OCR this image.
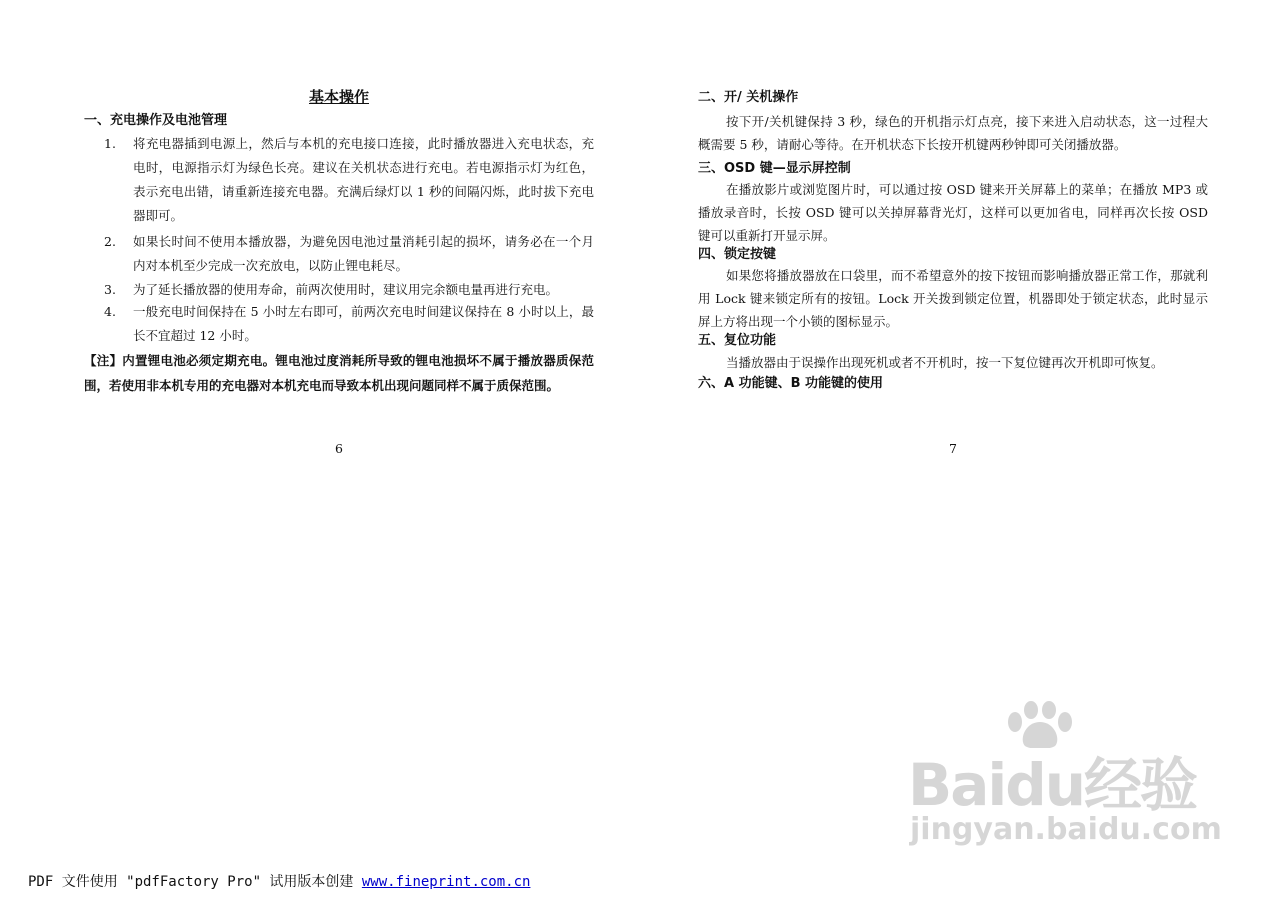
基本操作
一、充电操作及电池管理
1. 将充电器插到电源上，然后与本机的充电接口连接，此时播放器进入充电状态，充电时，电源指示灯为绿色长亮。建议在关机状态进行充电。若电源指示灯为红色，表示充电出错，请重新连接充电器。充满后绿灯以 1 秒的间隔闪烁，此时拔下充电器即可。
2. 如果长时间不使用本播放器，为避免因电池过量消耗引起的损坏，请务必在一个月内对本机至少完成一次充放电，以防止锂电耗尽。
3. 为了延长播放器的使用寿命，前两次使用时，建议用完余额电量再进行充电。
4. 一般充电时间保持在 5 小时左右即可，前两次充电时间建议保持在 8 小时以上，最长不宜超过 12 小时。
【注】内置锂电池必须定期充电。锂电池过度消耗所导致的锂电池损坏不属于播放器质保范围，若使用非本机专用的充电器对本机充电而导致本机出现问题同样不属于质保范围。
6
二、开/ 关机操作
按下开/关机键保持 3 秒，绿色的开机指示灯点亮，接下来进入启动状态，这一过程大概需要 5 秒，请耐心等待。在开机状态下长按开机键两秒钟即可关闭播放器。
三、OSD 键—显示屏控制
在播放影片或浏览图片时，可以通过按 OSD 键来开关屏幕上的菜单；在播放 MP3 或播放录音时，长按 OSD 键可以关掉屏幕背光灯，这样可以更加省电，同样再次长按 OSD 键可以重新打开显示屏。
四、锁定按键
如果您将播放器放在口袋里，而不希望意外的按下按钮而影响播放器正常工作，那就利用 Lock 键来锁定所有的按钮。Lock 开关拨到锁定位置，机器即处于锁定状态，此时显示屏上方将出现一个小锁的图标显示。
五、复位功能
当播放器由于误操作出现死机或者不开机时，按一下复位键再次开机即可恢复。
六、A 功能键、B 功能键的使用
7
PDF 文件使用 "pdfFactory Pro" 试用版本创建 www.fineprint.com.cn
Baidu经验
jingyan.baidu.com
